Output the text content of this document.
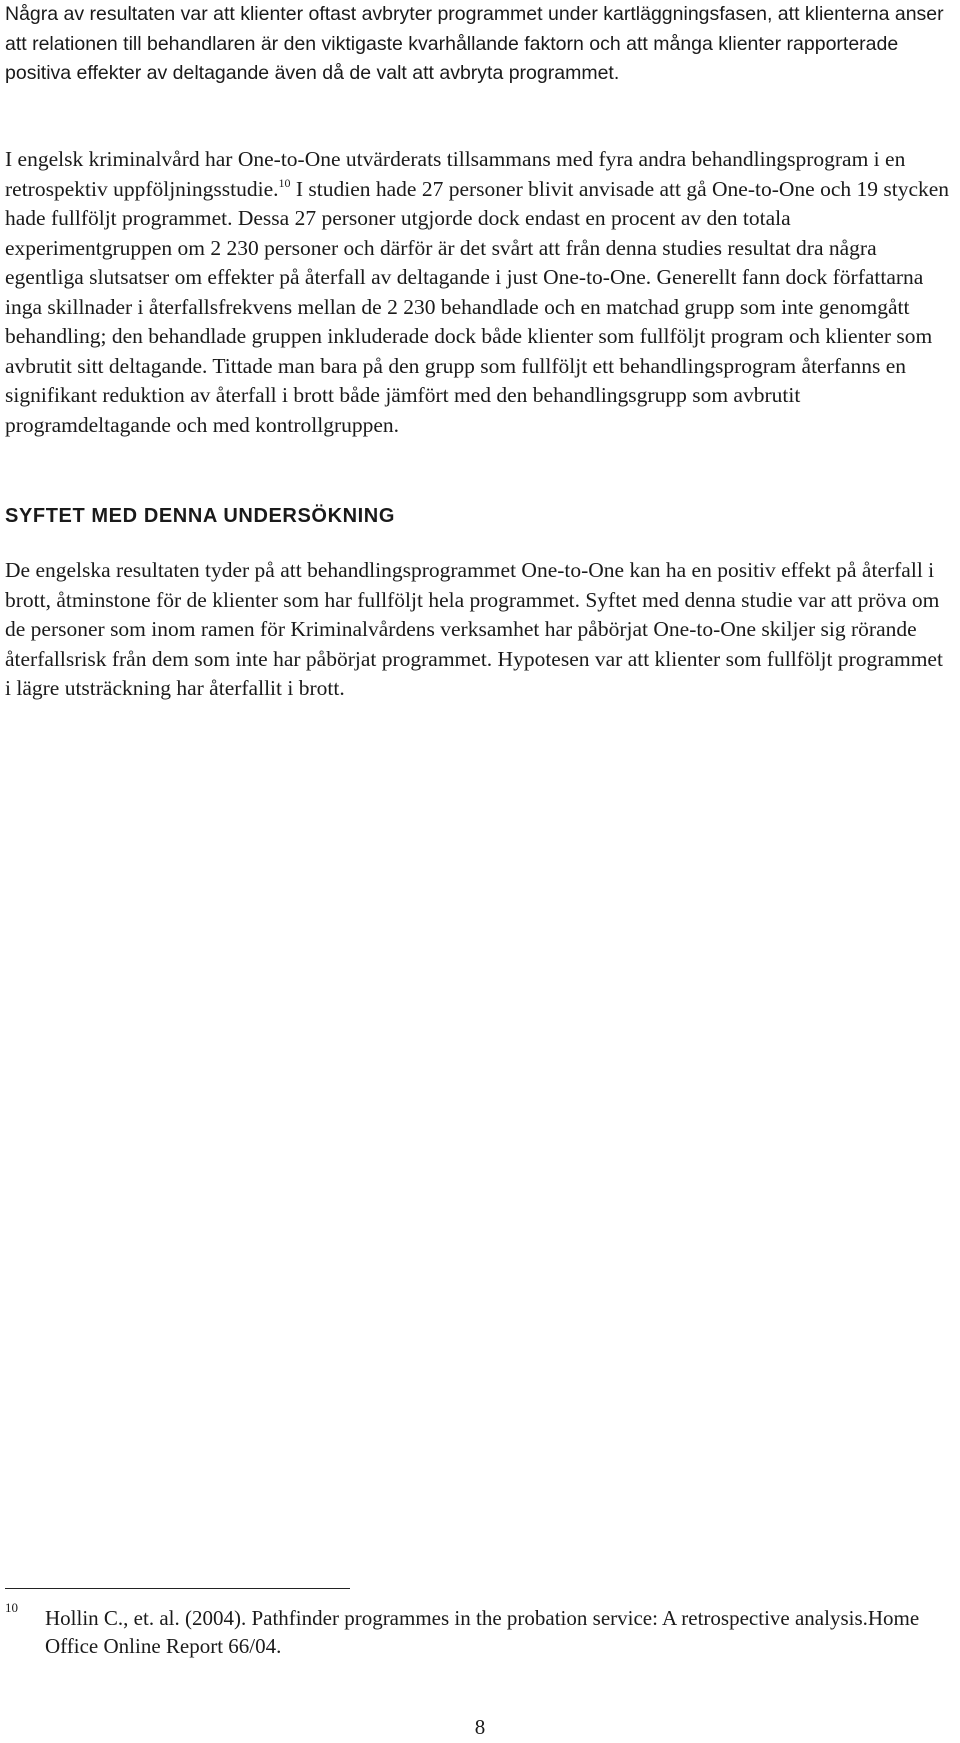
Några av resultaten var att klienter oftast avbryter programmet under kartläggningsfasen, att klienterna anser att relationen till behandlaren är den viktigaste kvarhållande faktorn och att många klienter rapporterade positiva effekter av deltagande även då de valt att avbryta programmet.

I engelsk kriminalvård har One-to-One utvärderats tillsammans med fyra andra behandlingsprogram i en retrospektiv uppföljningsstudie.$^{10}$ I studien hade 27 personer blivit anvisade att gå One-to-One och 19 stycken hade fullföljt programmet. Dessa 27 personer utgjorde dock endast en procent av den totala experimentgruppen om 2 230 personer och därför är det svårt att från denna studies resultat dra några egentliga slutsatser om effekter på återfall av deltagande i just One-to-One. Generellt fann dock författarna inga skillnader i återfallsfrekvens mellan de 2 230 behandlade och en matchad grupp som inte genomgått behandling; den behandlade gruppen inkluderade dock både klienter som fullföljt program och klienter som avbrutit sitt deltagande. Tittade man bara på den grupp som fullföljt ett behandlingsprogram återfanns en signifikant reduktion av återfall i brott både jämfört med den behandlingsgrupp som avbrutit programdeltagande och med kontrollgruppen.

SYFTET MED DENNA UNDERSÖKNING

De engelska resultaten tyder på att behandlingsprogrammet One-to-One kan ha en positiv effekt på återfall i brott, åtminstone för de klienter som har fullföljt hela programmet. Syftet med denna studie var att pröva om de personer som inom ramen för Kriminalvårdens verksamhet har påbörjat One-to-One skiljer sig rörande återfallsrisk från dem som inte har påbörjat programmet. Hypotesen var att klienter som fullföljt programmet i lägre utsträckning har återfallit i brott.

10 Hollin C., et. al. (2004). Pathfinder programmes in the probation service: A retrospective analysis.Home Office Online Report 66/04.

8
